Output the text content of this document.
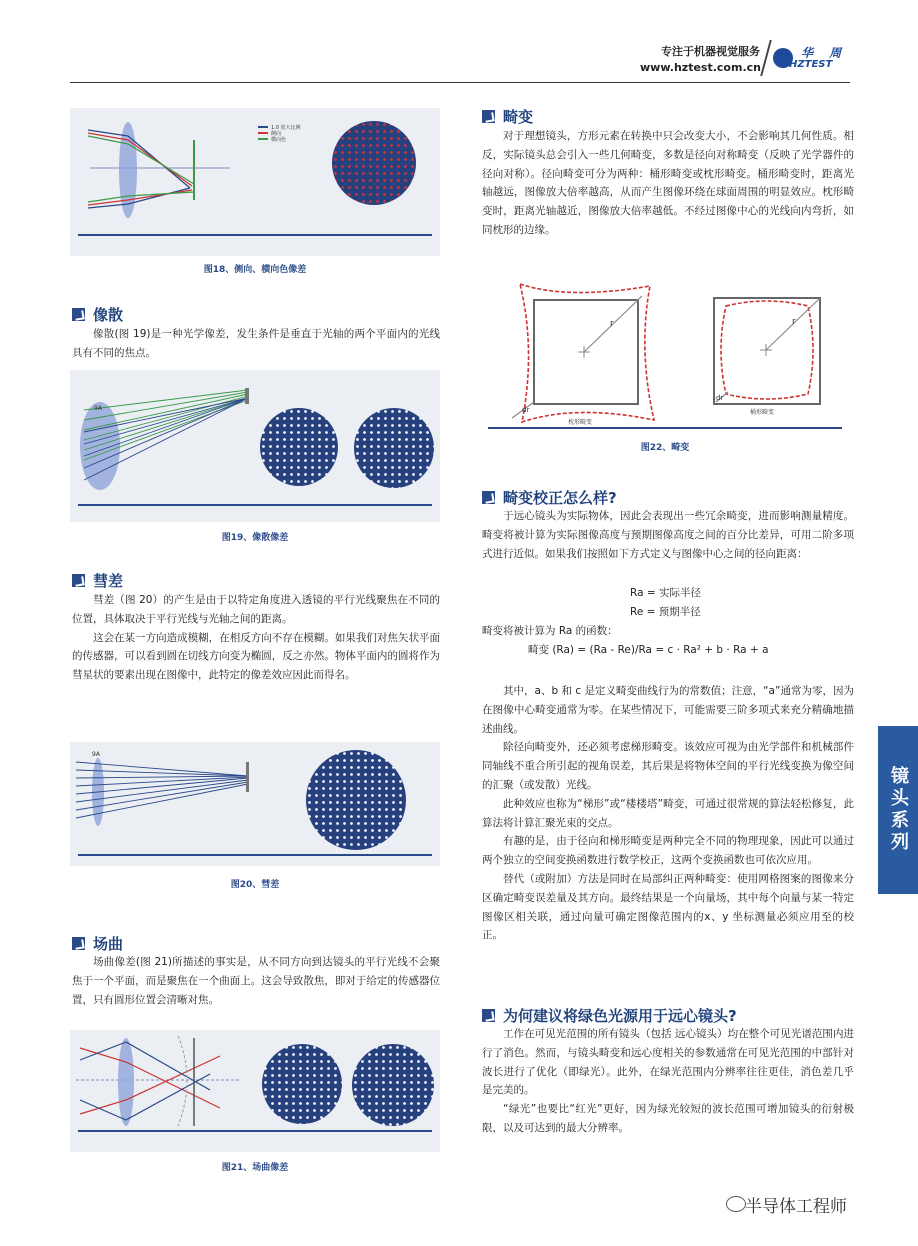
专注于机器视觉服务
www.hztest.com.cn
华 周
HZTEST
1.0 放大比例
侧向
横向色
图18、侧向、横向色像差
像散

像散(图 19)是一种光学像差，发生条件是垂直于光轴的两个平面内的光线具有不同的焦点。

9A
图19、像散像差
彗差

彗差（图 20）的产生是由于以特定角度进入透镜的平行光线聚焦在不同的位置，具体取决于平行光线与光轴之间的距离。

这会在某一方向造成模糊，在相反方向不存在模糊。如果我们对焦矢状平面的传感器，可以看到圆在切线方向变为椭圆，反之亦然。物体平面内的圆将作为彗星状的要素出现在图像中，此特定的像差效应因此而得名。

9A
图20、彗差
场曲

场曲像差(图 21)所描述的事实是，从不同方向到达镜头的平行光线不会聚焦于一个平面，而是聚焦在一个曲面上。这会导致散焦，即对于给定的传感器位置，只有圆形位置会清晰对焦。

图21、场曲像差
畸变

对于理想镜头，方形元素在转换中只会改变大小，不会影响其几何性质。相反，实际镜头总会引入一些几何畸变，多数是径向对称畸变（反映了光学器件的径向对称）。径向畸变可分为两种：桶形畸变或枕形畸变。桶形畸变时，距离光轴越远，图像放大倍率越高，从而产生图像环绕在球面周围的明显效应。枕形畸变时，距离光轴越近，图像放大倍率越低。不经过图像中心的光线向内弯折，如同枕形的边缘。

r
dr
枕形畸变
r
dr
桶形畸变
图22、畸变
畸变校正怎么样?

于远心镜头为实际物体，因此会表现出一些冗余畸变，进而影响测量精度。畸变将被计算为实际图像高度与预期图像高度之间的百分比差异，可用二阶多项式进行近似。如果我们按照如下方式定义与图像中心之间的径向距离：

Ra = 实际半径
Re = 预期半径
畸变将被计算为 Ra 的函数：
畸变 (Ra) = (Ra - Re)/Ra = c · Ra² + b · Ra + a

其中，a、b 和 c 是定义畸变曲线行为的常数值；注意，“a”通常为零，因为在图像中心畸变通常为零。在某些情况下，可能需要三阶多项式来充分精确地描述曲线。

除径向畸变外，还必须考虑梯形畸变。该效应可视为由光学部件和机械部件同轴线不重合所引起的视角误差，其后果是将物体空间的平行光线变换为像空间的汇聚（或发散）光线。

此种效应也称为“梯形”或“楼楼塔”畸变，可通过很常规的算法轻松修复，此算法将计算汇聚光束的交点。

有趣的是，由于径向和梯形畸变是两种完全不同的物理现象，因此可以通过两个独立的空间变换函数进行数学校正，这两个变换函数也可依次应用。

替代（或附加）方法是同时在局部纠正两种畸变：使用网格图案的图像来分区确定畸变误差量及其方向。最终结果是一个向量场，其中每个向量与某一特定图像区相关联，通过向量可确定图像范围内的x、y 坐标测量必须应用至的校正。

为何建议将绿色光源用于远心镜头?

工作在可见光范围的所有镜头（包括 远心镜头）均在整个可见光谱范围内进行了消色。然而，与镜头畸变和远心度相关的参数通常在可见光范围的中部针对波长进行了优化（即绿光）。此外，在绿光范围内分辨率往往更佳，消色差几乎是完美的。

“绿光”也要比“红光”更好，因为绿光较短的波长范围可增加镜头的衍射极限，以及可达到的最大分辨率。

镜头系列
半导体工程师
